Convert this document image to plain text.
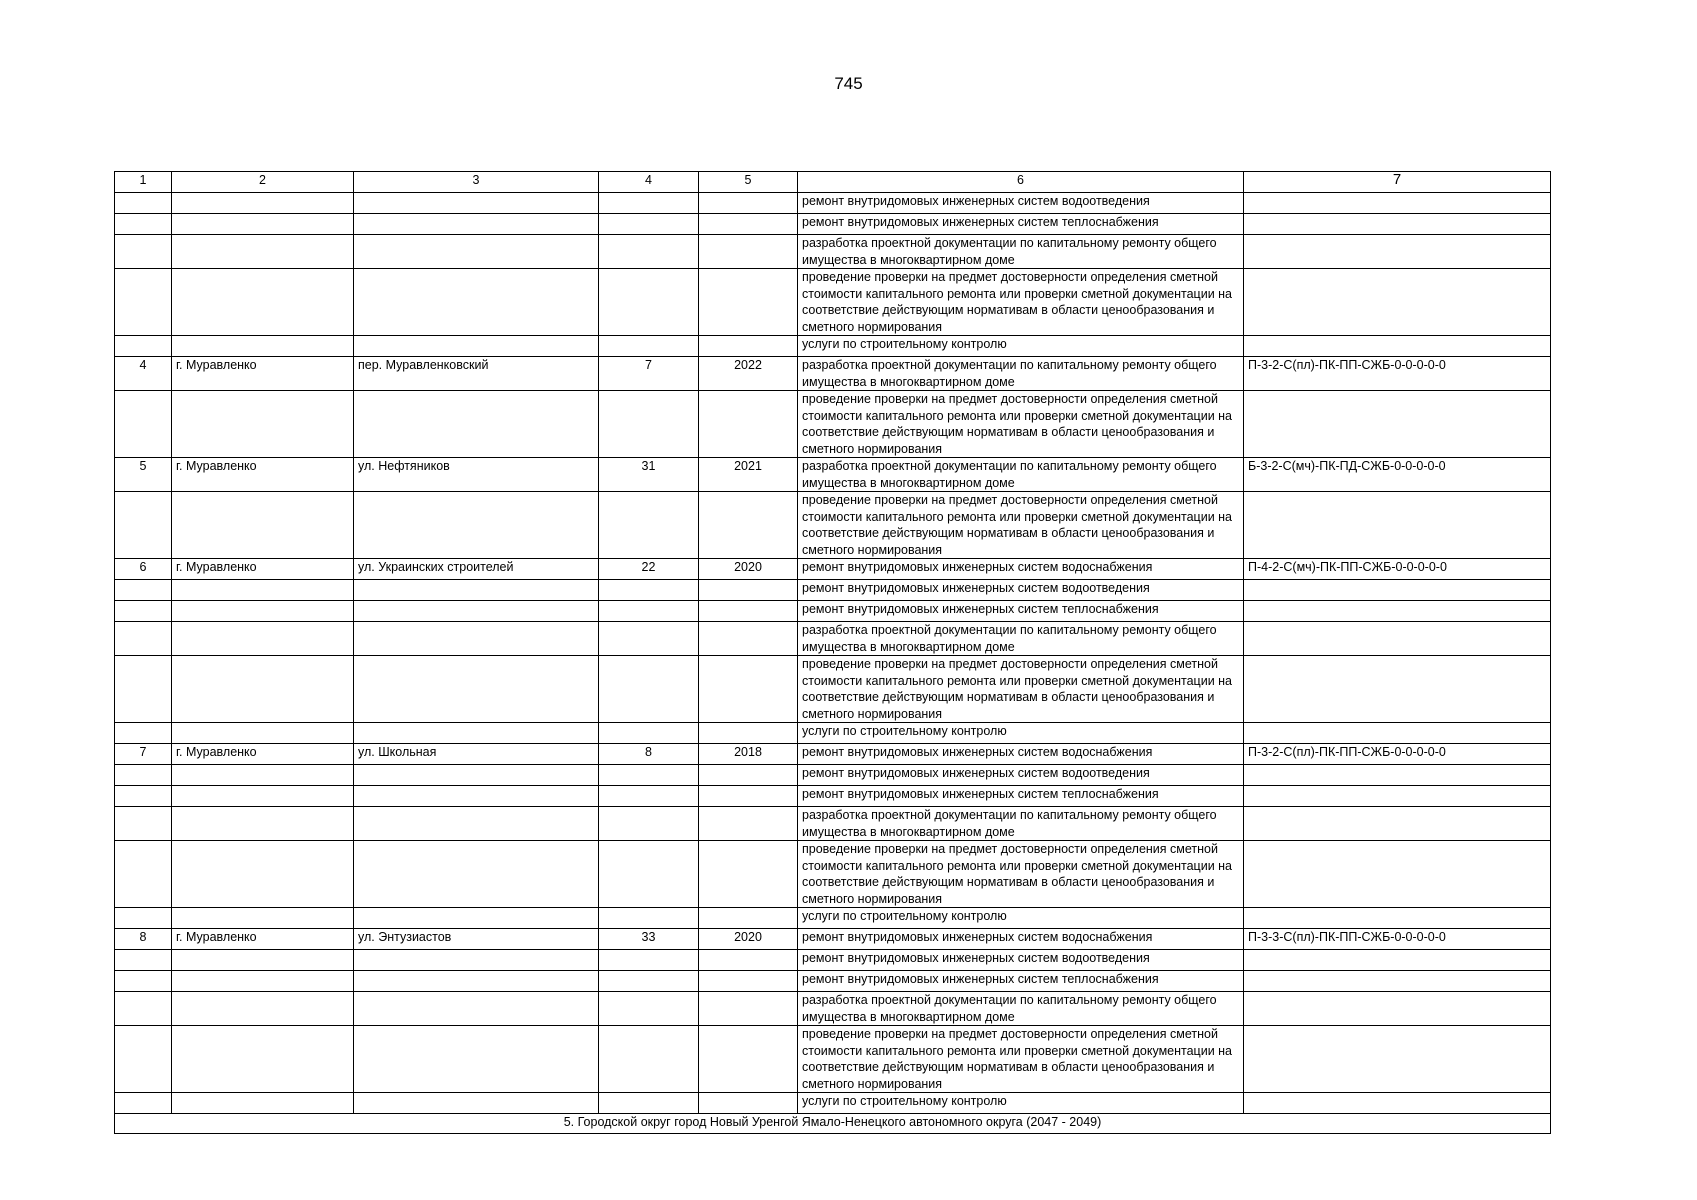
745
1	2	3	4	5	6	7
					ремонт внутридомовых инженерных систем водоотведения	
					ремонт внутридомовых инженерных систем теплоснабжения	
					разработка проектной документации по капитальному ремонту общего имущества в многоквартирном доме	
					проведение проверки на предмет достоверности определения сметной стоимости капитального ремонта или проверки сметной документации на соответствие действующим нормативам в области ценообразования и сметного нормирования	
					услуги по строительному контролю	
4	г. Муравленко	пер. Муравленковский	7	2022	разработка проектной документации по капитальному ремонту общего имущества в многоквартирном доме	П-3-2-С(пл)-ПК-ПП-СЖБ-0-0-0-0-0
					проведение проверки на предмет достоверности определения сметной стоимости капитального ремонта или проверки сметной документации на соответствие действующим нормативам в области ценообразования и сметного нормирования	
5	г. Муравленко	ул. Нефтяников	31	2021	разработка проектной документации по капитальному ремонту общего имущества в многоквартирном доме	Б-3-2-С(мч)-ПК-ПД-СЖБ-0-0-0-0-0
					проведение проверки на предмет достоверности определения сметной стоимости капитального ремонта или проверки сметной документации на соответствие действующим нормативам в области ценообразования и сметного нормирования	
6	г. Муравленко	ул. Украинских строителей	22	2020	ремонт внутридомовых инженерных систем водоснабжения	П-4-2-С(мч)-ПК-ПП-СЖБ-0-0-0-0-0
					ремонт внутридомовых инженерных систем водоотведения	
					ремонт внутридомовых инженерных систем теплоснабжения	
					разработка проектной документации по капитальному ремонту общего имущества в многоквартирном доме	
					проведение проверки на предмет достоверности определения сметной стоимости капитального ремонта или проверки сметной документации на соответствие действующим нормативам в области ценообразования и сметного нормирования	
					услуги по строительному контролю	
7	г. Муравленко	ул. Школьная	8	2018	ремонт внутридомовых инженерных систем водоснабжения	П-3-2-С(пл)-ПК-ПП-СЖБ-0-0-0-0-0
					ремонт внутридомовых инженерных систем водоотведения	
					ремонт внутридомовых инженерных систем теплоснабжения	
					разработка проектной документации по капитальному ремонту общего имущества в многоквартирном доме	
					проведение проверки на предмет достоверности определения сметной стоимости капитального ремонта или проверки сметной документации на соответствие действующим нормативам в области ценообразования и сметного нормирования	
					услуги по строительному контролю	
8	г. Муравленко	ул. Энтузиастов	33	2020	ремонт внутридомовых инженерных систем водоснабжения	П-3-3-С(пл)-ПК-ПП-СЖБ-0-0-0-0-0
					ремонт внутридомовых инженерных систем водоотведения	
					ремонт внутридомовых инженерных систем теплоснабжения	
					разработка проектной документации по капитальному ремонту общего имущества в многоквартирном доме	
					проведение проверки на предмет достоверности определения сметной стоимости капитального ремонта или проверки сметной документации на соответствие действующим нормативам в области ценообразования и сметного нормирования	
					услуги по строительному контролю	
5. Городской округ город Новый Уренгой Ямало-Ненецкого автономного округа (2047 - 2049)						
